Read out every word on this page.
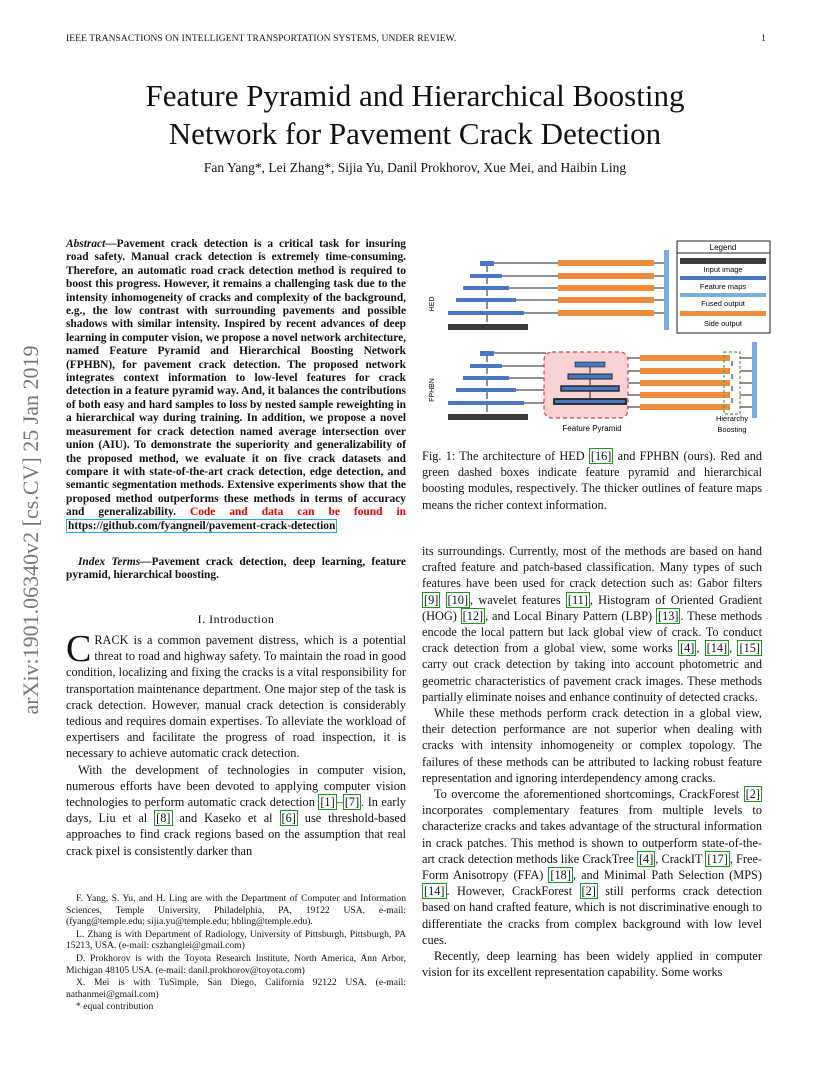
IEEE TRANSACTIONS ON INTELLIGENT TRANSPORTATION SYSTEMS, UNDER REVIEW.	1
Feature Pyramid and Hierarchical Boosting
Network for Pavement Crack Detection
Fan Yang*, Lei Zhang*, Sijia Yu, Danil Prokhorov, Xue Mei, and Haibin Ling
arXiv:1901.06340v2 [cs.CV] 25 Jan 2019
Abstract—Pavement crack detection is a critical task for insuring road safety. Manual crack detection is extremely time-consuming. Therefore, an automatic road crack detection method is required to boost this progress. However, it remains a challenging task due to the intensity inhomogeneity of cracks and complexity of the background, e.g., the low contrast with surrounding pavements and possible shadows with similar intensity. Inspired by recent advances of deep learning in computer vision, we propose a novel network architecture, named Feature Pyramid and Hierarchical Boosting Network (FPHBN), for pavement crack detection. The proposed network integrates context information to low-level features for crack detection in a feature pyramid way. And, it balances the contributions of both easy and hard samples to loss by nested sample reweighting in a hierarchical way during training. In addition, we propose a novel measurement for crack detection named average intersection over union (AIU). To demonstrate the superiority and generalizability of the proposed method, we evaluate it on five crack datasets and compare it with state-of-the-art crack detection, edge detection, and semantic segmentation methods. Extensive experiments show that the proposed method outperforms these methods in terms of accuracy and generalizability. Code and data can be found in https://github.com/fyangneil/pavement-crack-detection
Index Terms—Pavement crack detection, deep learning, feature pyramid, hierarchical boosting.
I. Introduction
CRACK is a common pavement distress, which is a potential threat to road and highway safety. To maintain the road in good condition, localizing and fixing the cracks is a vital responsibility for transportation maintenance department. One major step of the task is crack detection. However, manual crack detection is considerably tedious and requires domain expertises. To alleviate the workload of expertisers and facilitate the progress of road inspection, it is necessary to achieve automatic crack detection.
With the development of technologies in computer vision, numerous efforts have been devoted to applying computer vision technologies to perform automatic crack detection [1] – [7] . In early days, Liu et al [8] and Kaseko et al [6] use threshold-based approaches to find crack regions based on the assumption that real crack pixel is consistently darker than

F. Yang, S. Yu, and H. Ling are with the Department of Computer and Information Sciences, Temple University, Philadelphia, PA, 19122 USA. e-mail: (fyang@temple.edu; sijia.yu@temple.edu; hbling@temple.edu).

L. Zhang is with Department of Radiology, University of Pittsburgh, Pittsburgh, PA 15213, USA. (e-mail: cszhanglei@gmail.com)

D. Prokhorov is with the Toyota Research Institute, North America, Ann Arbor, Michigan 48105 USA. (e-mail: danil.prokhorov@toyota.com)

X. Mei is with TuSimple, San Diego, California 92122 USA. (e-mail: nathanmei@gmail.com)

* equal contribution

Legend
Input image
Feature maps
Fused output
Side output
HED
FPHBN
Feature Pyramid
Hierarchy
Boosting
Fig. 1: The architecture of HED [16] and FPHBN (ours). Red and green dashed boxes indicate feature pyramid and hierarchical boosting modules, respectively. The thicker outlines of feature maps means the richer context information.

its surroundings. Currently, most of the methods are based on hand crafted feature and patch-based classification. Many types of such features have been used for crack detection such as: Gabor filters [9] [10] , wavelet features [11] , Histogram of Oriented Gradient (HOG) [12] , and Local Binary Pattern (LBP) [13] . These methods encode the local pattern but lack global view of crack. To conduct crack detection from a global view, some works [4] , [14] , [15] carry out crack detection by taking into account photometric and geometric characteristics of pavement crack images. These methods partially eliminate noises and enhance continuity of detected cracks.

While these methods perform crack detection in a global view, their detection performance are not superior when dealing with cracks with intensity inhomogeneity or complex topology. The failures of these methods can be attributed to lacking robust feature representation and ignoring interdependency among cracks.

To overcome the aforementioned shortcomings, CrackForest [2] incorporates complementary features from multiple levels to characterize cracks and takes advantage of the structural information in crack patches. This method is shown to outperform state-of-the-art crack detection methods like CrackTree [4] , CrackIT [17] , Free-Form Anisotropy (FFA) [18] , and Minimal Path Selection (MPS) [14] . However, CrackForest [2] still performs crack detection based on hand crafted feature, which is not discriminative enough to differentiate the cracks from complex background with low level cues.

Recently, deep learning has been widely applied in computer vision for its excellent representation capability. Some works
